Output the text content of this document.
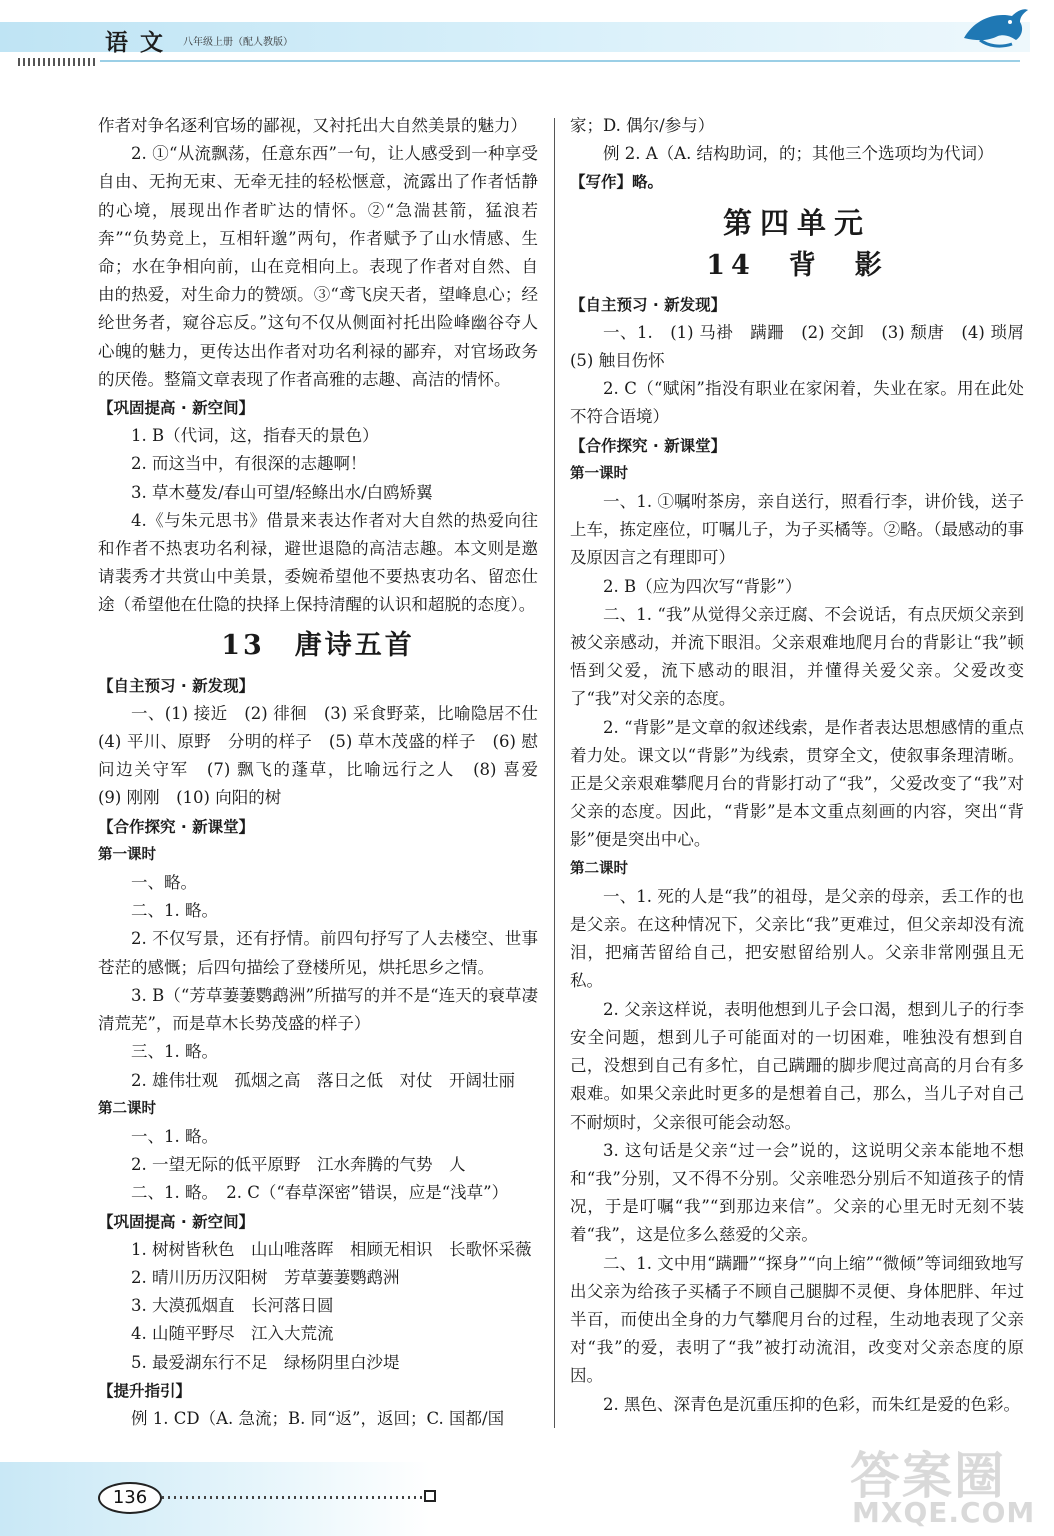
语文 八年级上册（配人教版）

作者对争名逐利官场的鄙视，又衬托出大自然美景的魅力）

2. ①“从流飘荡，任意东西”一句，让人感受到一种享受自由、无拘无束、无牵无挂的轻松惬意，流露出了作者恬静的心境，展现出作者旷达的情怀。②“急湍甚箭，猛浪若奔”“负势竞上，互相轩邈”两句，作者赋予了山水情感、生命；水在争相向前，山在竞相向上。表现了作者对自然、自由的热爱，对生命力的赞颂。③“鸢飞戾天者，望峰息心；经纶世务者，窥谷忘反。”这句不仅从侧面衬托出险峰幽谷夺人心魄的魅力，更传达出作者对功名利禄的鄙弃，对官场政务的厌倦。整篇文章表现了作者高雅的志趣、高洁的情怀。

【巩固提高 · 新空间】

1. B（代词，这，指春天的景色）

2. 而这当中，有很深的志趣啊！

3. 草木蔓发/春山可望/轻鲦出水/白鸥矫翼

4.《与朱元思书》借景来表达作者对大自然的热爱向往和作者不热衷功名利禄，避世退隐的高洁志趣。本文则是邀请裴秀才共赏山中美景，委婉希望他不要热衷功名、留恋仕途（希望他在仕隐的抉择上保持清醒的认识和超脱的态度）。

13　唐诗五首

【自主预习 · 新发现】

一、(1) 接近　(2) 徘徊　(3) 采食野菜，比喻隐居不仕　(4) 平川、原野　分明的样子　(5) 草木茂盛的样子　(6) 慰问边关守军　(7) 飘飞的蓬草，比喻远行之人　(8) 喜爱　(9) 刚刚　(10) 向阳的树

【合作探究 · 新课堂】

第一课时

一、略。

二、1. 略。

2. 不仅写景，还有抒情。前四句抒写了人去楼空、世事苍茫的感慨；后四句描绘了登楼所见，烘托思乡之情。

3. B（“芳草萋萋鹦鹉洲”所描写的并不是“连天的衰草凄清荒芜”，而是草木长势茂盛的样子）

三、1. 略。

2. 雄伟壮观　孤烟之高　落日之低　对仗　开阔壮丽

第二课时

一、1. 略。

2. 一望无际的低平原野　江水奔腾的气势　人

二、1. 略。　2. C（“春草深密”错误，应是“浅草”）

【巩固提高 · 新空间】

1. 树树皆秋色　山山唯落晖　相顾无相识　长歌怀采薇

2. 晴川历历汉阳树　芳草萋萋鹦鹉洲

3. 大漠孤烟直　长河落日圆

4. 山随平野尽　江入大荒流

5. 最爱湖东行不足　绿杨阴里白沙堤

【提升指引】

例 1. CD（A. 急流；B. 同“返”，返回；C. 国都/国

家；D. 偶尔/参与）

例 2. A（A. 结构助词，的；其他三个选项均为代词）

【写作】略。

第四单元

14　背　影

【自主预习 · 新发现】

一、1.　(1) 马褂　蹒跚　(2) 交卸　(3) 颓唐　(4) 琐屑　(5) 触目伤怀

2. C（“赋闲”指没有职业在家闲着，失业在家。用在此处不符合语境）

【合作探究 · 新课堂】

第一课时

一、1. ①嘱咐茶房，亲自送行，照看行李，讲价钱，送子上车，拣定座位，叮嘱儿子，为子买橘等。②略。（最感动的事及原因言之有理即可）

2. B（应为四次写“背影”）

二、1. “我”从觉得父亲迂腐、不会说话，有点厌烦父亲到被父亲感动，并流下眼泪。父亲艰难地爬月台的背影让“我”顿悟到父爱，流下感动的眼泪，并懂得关爱父亲。父爱改变了“我”对父亲的态度。

2. “背影”是文章的叙述线索，是作者表达思想感情的重点着力处。课文以“背影”为线索，贯穿全文，使叙事条理清晰。正是父亲艰难攀爬月台的背影打动了“我”，父爱改变了“我”对父亲的态度。因此，“背影”是本文重点刻画的内容，突出“背影”便是突出中心。

第二课时

一、1. 死的人是“我”的祖母，是父亲的母亲，丢工作的也是父亲。在这种情况下，父亲比“我”更难过，但父亲却没有流泪，把痛苦留给自己，把安慰留给别人。父亲非常刚强且无私。

2. 父亲这样说，表明他想到儿子会口渴，想到儿子的行李安全问题，想到儿子可能面对的一切困难，唯独没有想到自己，没想到自己有多忙，自己蹒跚的脚步爬过高高的月台有多艰难。如果父亲此时更多的是想着自己，那么，当儿子对自己不耐烦时，父亲很可能会动怒。

3. 这句话是父亲“过一会”说的，这说明父亲本能地不想和“我”分别，又不得不分别。父亲唯恐分别后不知道孩子的情况，于是叮嘱“我”“到那边来信”。父亲的心里无时无刻不装着“我”，这是位多么慈爱的父亲。

二、1. 文中用“蹒跚”“探身”“向上缩”“微倾”等词细致地写出父亲为给孩子买橘子不顾自己腿脚不灵便、身体肥胖、年过半百，而使出全身的力气攀爬月台的过程，生动地表现了父亲对“我”的爱，表明了“我”被打动流泪，改变对父亲态度的原因。

2. 黑色、深青色是沉重压抑的色彩，而朱红是爱的色彩。

136	答案圈
MXQE.COM
